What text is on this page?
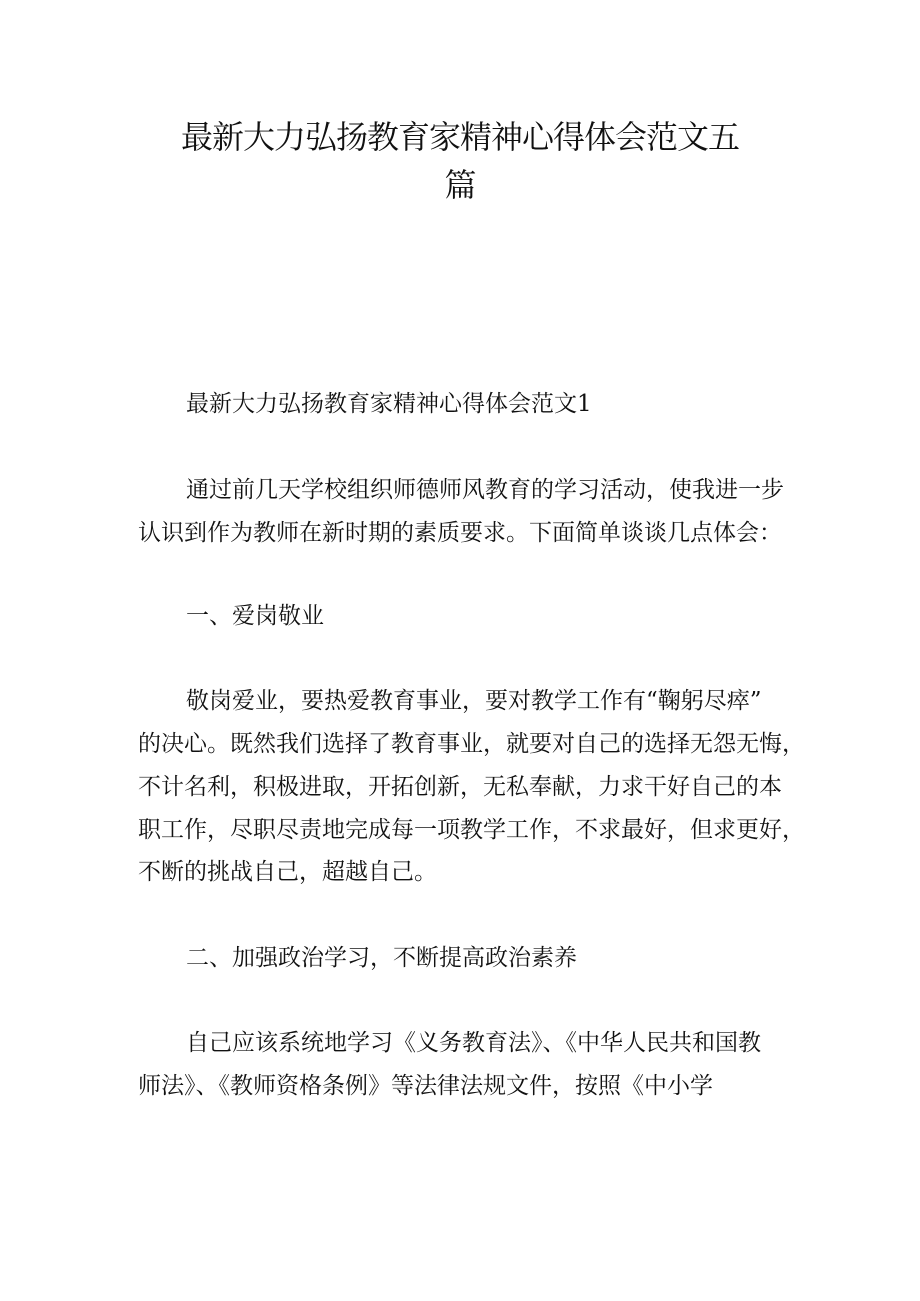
最新大力弘扬教育家精神心得体会范文五
篇
最新大力弘扬教育家精神心得体会范文1
通过前几天学校组织师德师风教育的学习活动，使我进一步
认识到作为教师在新时期的素质要求。下面简单谈谈几点体会：
一、爱岗敬业
敬岗爱业，要热爱教育事业，要对教学工作有“鞠躬尽瘁”
的决心。既然我们选择了教育事业，就要对自己的选择无怨无悔，
不计名利，积极进取，开拓创新，无私奉献，力求干好自己的本
职工作，尽职尽责地完成每一项教学工作，不求最好，但求更好，
不断的挑战自己，超越自己。
二、加强政治学习，不断提高政治素养
自己应该系统地学习《义务教育法》、《中华人民共和国教
师法》、《教师资格条例》等法律法规文件，按照《中小学
